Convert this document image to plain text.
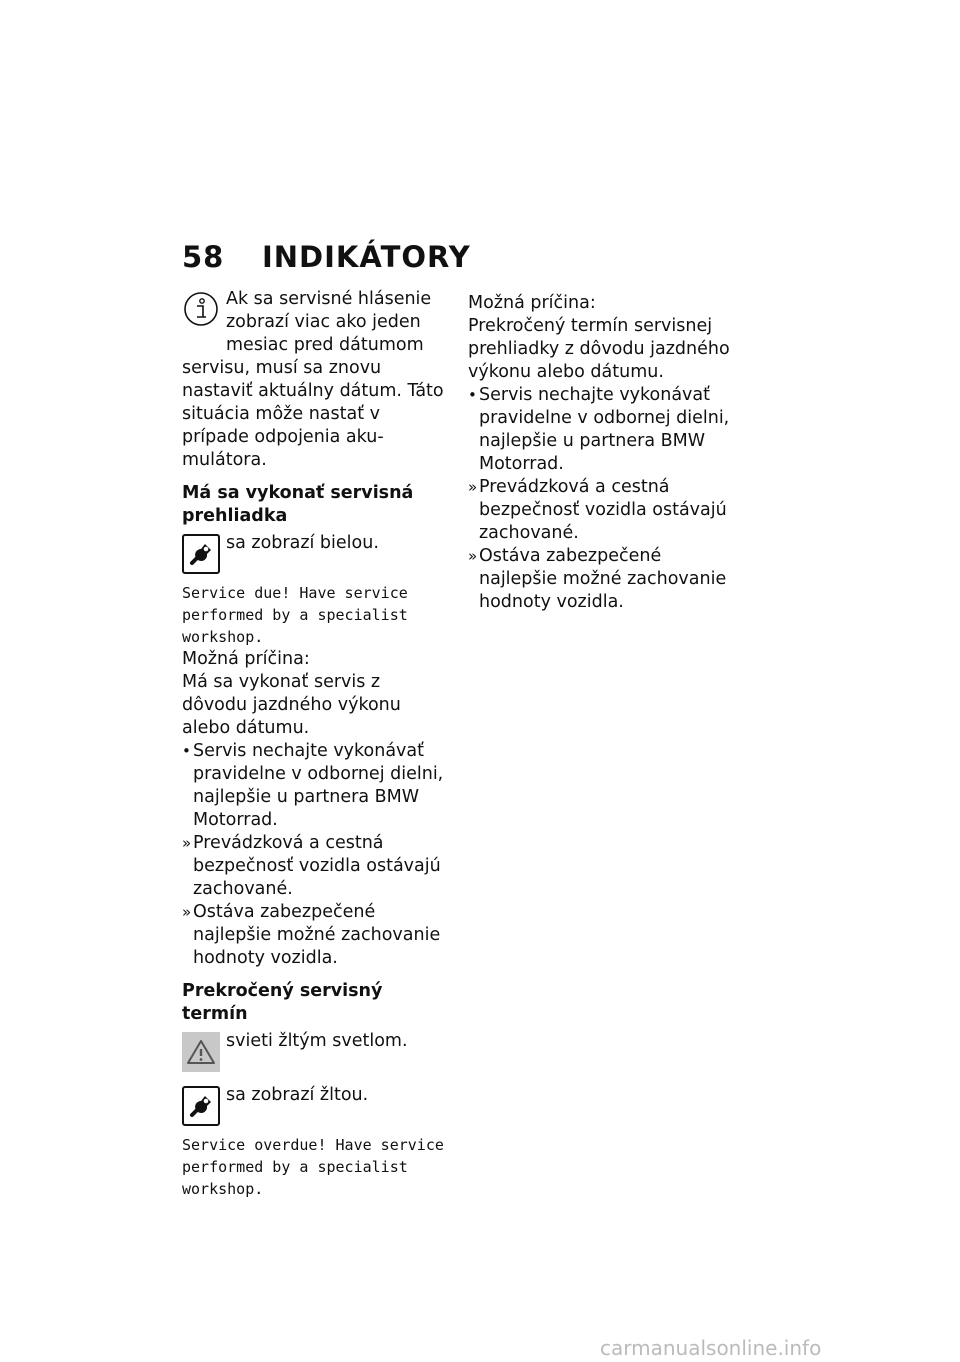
58 INDIKÁTORY

Ak sa servisné hlásenie zobrazí viac ako jeden mesiac pred dátumom servisu, musí sa znovu nastaviť aktuálny dátum. Táto situácia môže nastať v prípade odpojenia akumulátora.

Má sa vykonať servisná prehliadka

sa zobrazí bielou.

Service due! Have service performed by a specialist workshop.

Možná príčina:

Má sa vykonať servis z dôvodu jazdného výkonu alebo dátumu.

• Servis nechajte vykonávať pravidelne v odbornej dielni, najlepšie u partnera BMW Motorrad.
» Prevádzková a cestná bezpečnosť vozidla ostávajú zachované.
» Ostáva zabezpečené najlepšie možné zachovanie hodnoty vozidla.

Prekročený servisný termín

svieti žltým svetlom.

sa zobrazí žltou.

Service overdue! Have service performed by a specialist workshop.

Možná príčina:

Prekročený termín servisnej prehliadky z dôvodu jazdného výkonu alebo dátumu.

• Servis nechajte vykonávať pravidelne v odbornej dielni, najlepšie u partnera BMW Motorrad.
» Prevádzková a cestná bezpečnosť vozidla ostávajú zachované.
» Ostáva zabezpečené najlepšie možné zachovanie hodnoty vozidla.
carmanualsonline.info
